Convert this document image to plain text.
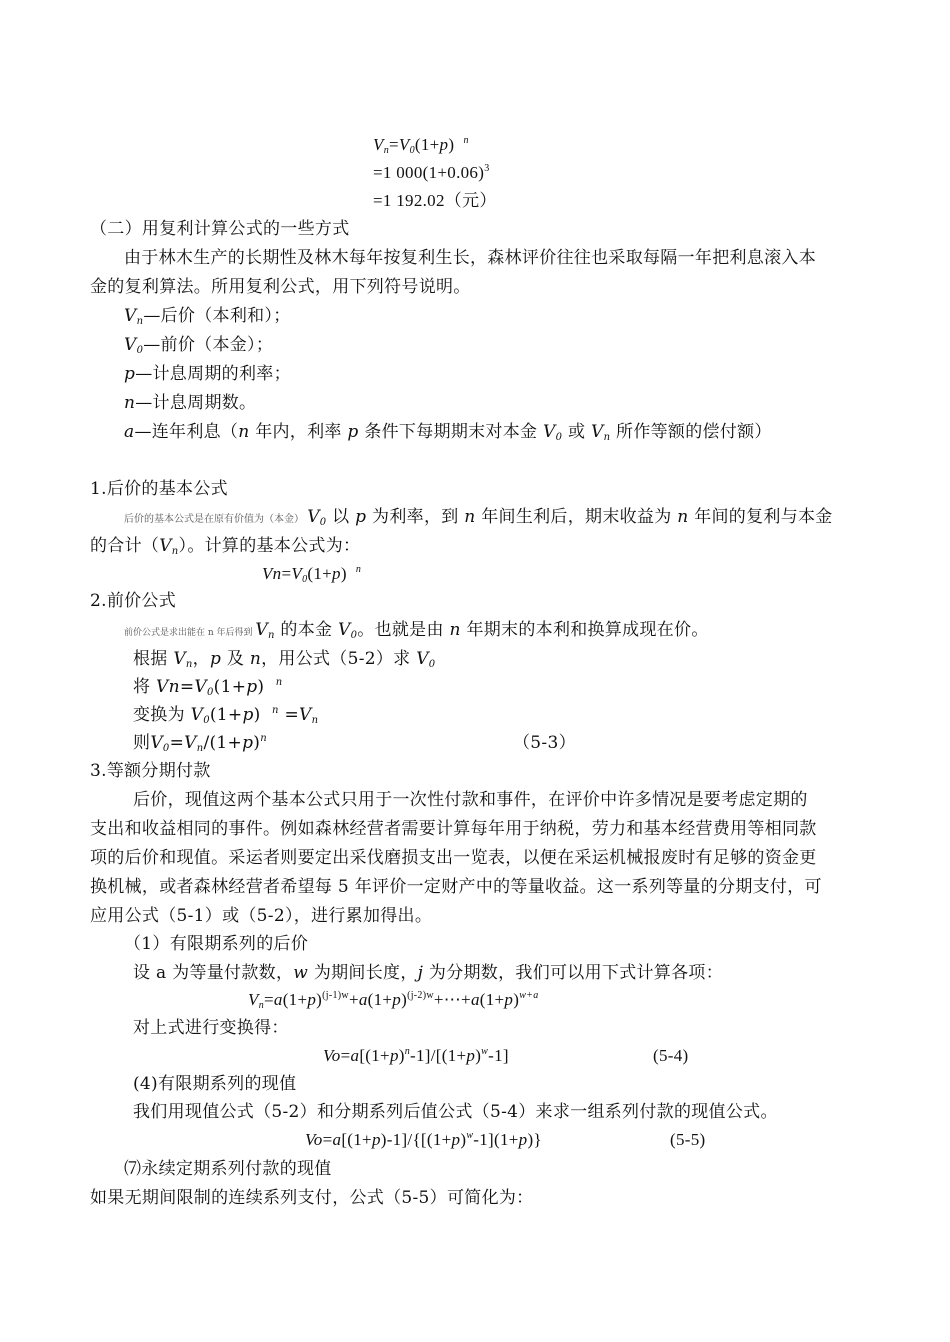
$V_n=V_0(1+p)$ $^n$
=1 $000(1+0.06)^3$
=1 192.02（元）
（二）用复利计算公式的一些方式
由于林木生产的长期性及林木每年按复利生长，森林评价往往也采取每隔一年把利息滚入本
金的复利算法。所用复利公式，用下列符号说明。
$V_n—$后价（本利和）；
$V_0—$前价（本金）；
p—计息周期的利率；
n—计息周期数。
a—连年利息（n 年内，利率 p 条件下每期期末对本金 $V_0$ 或 $V_n$ 所作等额的偿付额）
1.后价的基本公式
后价的基本公式是在原有价值为（本金） $V_0$ 以 p 为利率，到 n 年间生利后，期末收益为 n 年间的复利与本金
的合计$(V_n)$。计算的基本公式为：
$Vn=V_0(1+p)$ $^n$
2.前价公式
前价公式是求出能在 n 年后得到 $V_n$ 的本金 $V_0$。也就是由 n 年期末的本利和换算成现在价。
根据 $V_n$，p 及 n，用公式（5-2）求 $V_0$
将 $Vn=V_0(1+p)$ $^n$
变换为 $V_0(1+p)$ $^n =V_n$
则$V_0=V_n/(1+p)^n$	（5-3）
3.等额分期付款
后价，现值这两个基本公式只用于一次性付款和事件，在评价中许多情况是要考虑定期的
支出和收益相同的事件。例如森林经营者需要计算每年用于纳税，劳力和基本经营费用等相同款
项的后价和现值。采运者则要定出采伐磨损支出一览表，以便在采运机械报废时有足够的资金更
换机械，或者森林经营者希望每 5 年评价一定财产中的等量收益。这一系列等量的分期支付，可
应用公式（5-1）或（5-2），进行累加得出。
（1）有限期系列的后价
设 a 为等量付款数，w 为期间长度，j 为分期数，我们可以用下式计算各项：
$V_n=a(1+p)^{(j-1)w}+a(1+p)^{(j-2)w}+\cdots+a(1+p)^{w+a}$
对上式进行变换得：
$Vo=a[(1+p)^n-1]/[(1+p)^w-1]$	(5-4)
(4)有限期系列的现值
我们用现值公式（5-2）和分期系列后值公式（5-4）来求一组系列付款的现值公式。
$Vo=a[(1+p)-1]/\{[(1+p)^w-1](1+p)\}$	(5-5)
⑺永续定期系列付款的现值
如果无期间限制的连续系列支付，公式（5-5）可简化为：
